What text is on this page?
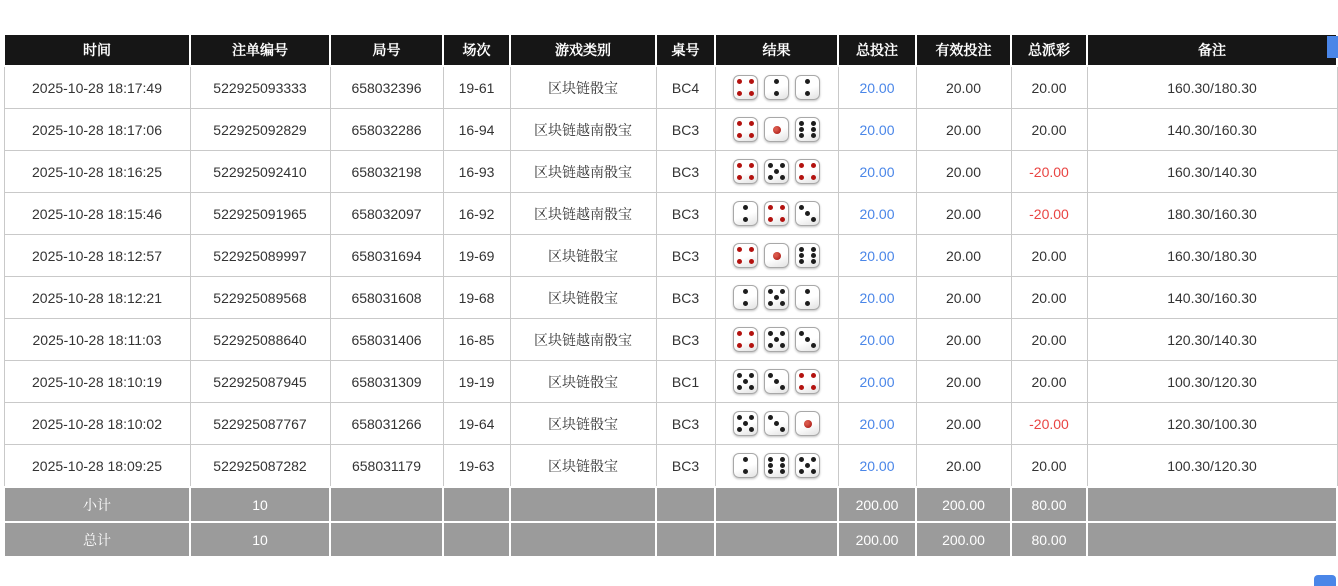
时间	注单编号	局号	场次	游戏类别	桌号	结果	总投注	有效投注	总派彩	备注
2025-10-28 18:17:49	522925093333	658032396	19-61	区块链骰宝	BC4		20.00	20.00	20.00	160.30/180.30
2025-10-28 18:17:06	522925092829	658032286	16-94	区块链越南骰宝	BC3		20.00	20.00	20.00	140.30/160.30
2025-10-28 18:16:25	522925092410	658032198	16-93	区块链越南骰宝	BC3		20.00	20.00	-20.00	160.30/140.30
2025-10-28 18:15:46	522925091965	658032097	16-92	区块链越南骰宝	BC3		20.00	20.00	-20.00	180.30/160.30
2025-10-28 18:12:57	522925089997	658031694	19-69	区块链骰宝	BC3		20.00	20.00	20.00	160.30/180.30
2025-10-28 18:12:21	522925089568	658031608	19-68	区块链骰宝	BC3		20.00	20.00	20.00	140.30/160.30
2025-10-28 18:11:03	522925088640	658031406	16-85	区块链越南骰宝	BC3		20.00	20.00	20.00	120.30/140.30
2025-10-28 18:10:19	522925087945	658031309	19-19	区块链骰宝	BC1		20.00	20.00	20.00	100.30/120.30
2025-10-28 18:10:02	522925087767	658031266	19-64	区块链骰宝	BC3		20.00	20.00	-20.00	120.30/100.30
2025-10-28 18:09:25	522925087282	658031179	19-63	区块链骰宝	BC3		20.00	20.00	20.00	100.30/120.30
小计	10						200.00	200.00	80.00	
总计	10						200.00	200.00	80.00	
